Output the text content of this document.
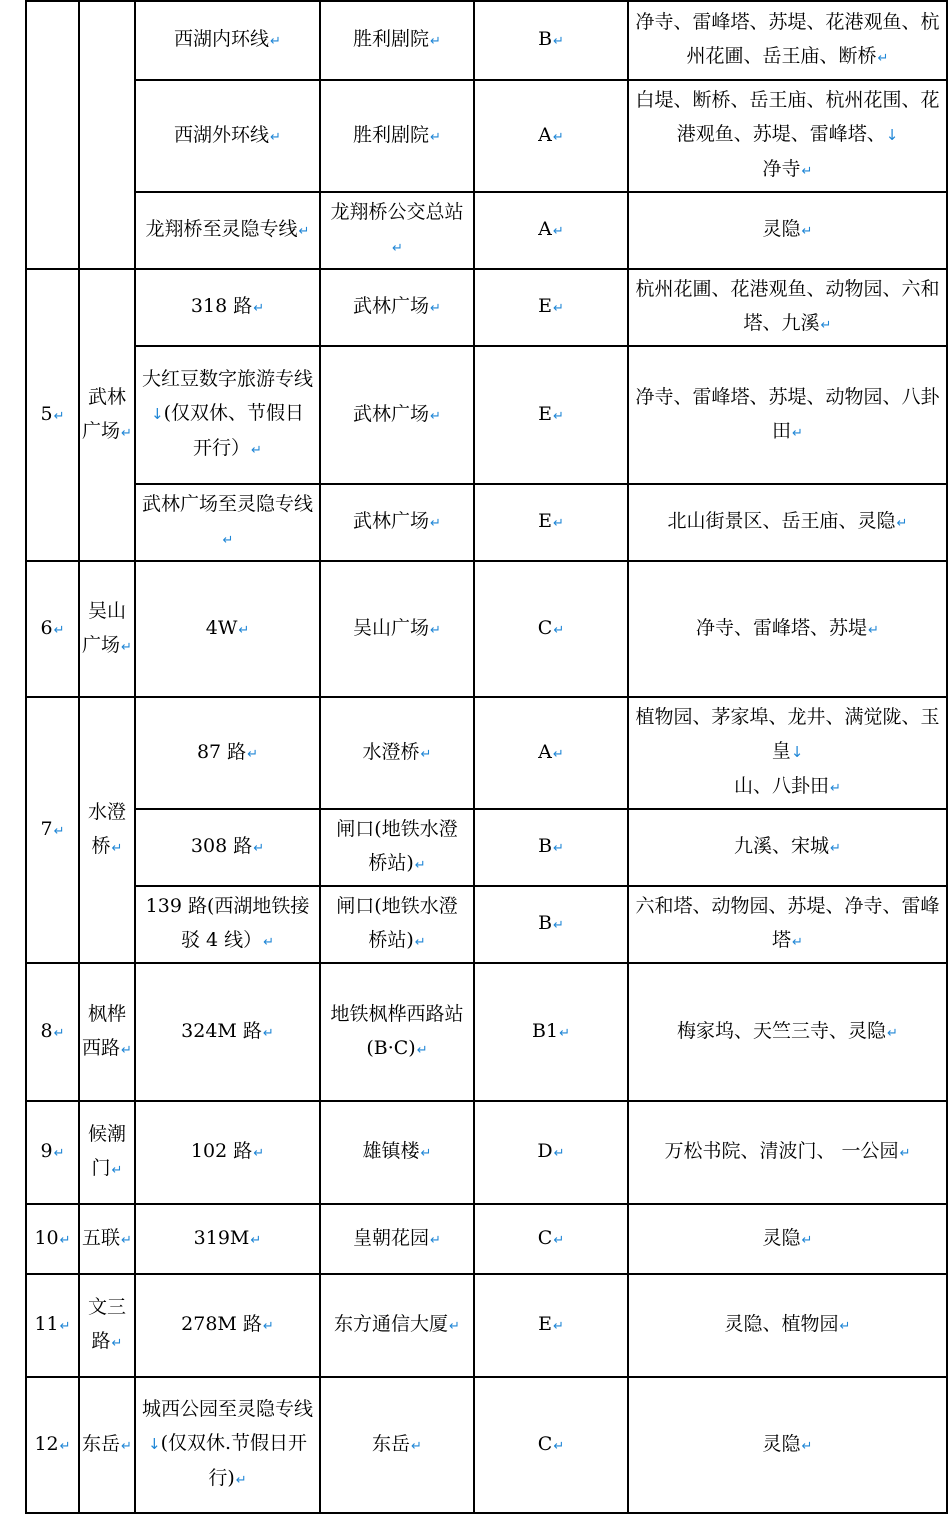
		西湖内环线↵	胜利剧院↵	B↵	净寺、雷峰塔、苏堤、花港观鱼、杭州花圃、岳王庙、断桥↵
		西湖外环线↵	胜利剧院↵	A↵	白堤、断桥、岳王庙、杭州花围、花港观鱼、苏堤、雷峰塔、↓
净寺↵
		龙翔桥至灵隐专线↵	龙翔桥公交总站↵	A↵	灵隐↵
5↵	武林广场↵	318 路↵	武林广场↵	E↵	杭州花圃、花港观鱼、动物园、六和塔、九溪↵
		大红豆数字旅游专线↓(仅双休、节假日开行）↵	武林广场↵	E↵	净寺、雷峰塔、苏堤、动物园、八卦田↵
		武林广场至灵隐专线↵	武林广场↵	E↵	北山街景区、岳王庙、灵隐↵
6↵	吴山广场↵	4W↵	吴山广场↵	C↵	净寺、雷峰塔、苏堤↵
7↵	水澄桥↵	87 路↵	水澄桥↵	A↵	植物园、茅家埠、龙井、满觉陇、玉皇↓
山、八卦田↵
		308 路↵	闸口(地铁水澄桥站)↵	B↵	九溪、宋城↵
		139 路(西湖地铁接驳 4 线）↵	闸口(地铁水澄桥站)↵	B↵	六和塔、动物园、苏堤、净寺、雷峰塔↵
8↵	枫桦西路↵	324M 路↵	地铁枫桦西路站(B·C)↵	B1↵	梅家坞、天竺三寺、灵隐↵
9↵	候潮门↵	102 路↵	雄镇楼↵	D↵	万松书院、清波门、 一公园↵
10↵	五联↵	319M↵	皇朝花园↵	C↵	灵隐↵
11↵	文三路↵	278M 路↵	东方通信大厦↵	E↵	灵隐、植物园↵
12↵	东岳↵	城西公园至灵隐专线↓(仅双休.节假日开行)↵	东岳↵	C↵	灵隐↵
